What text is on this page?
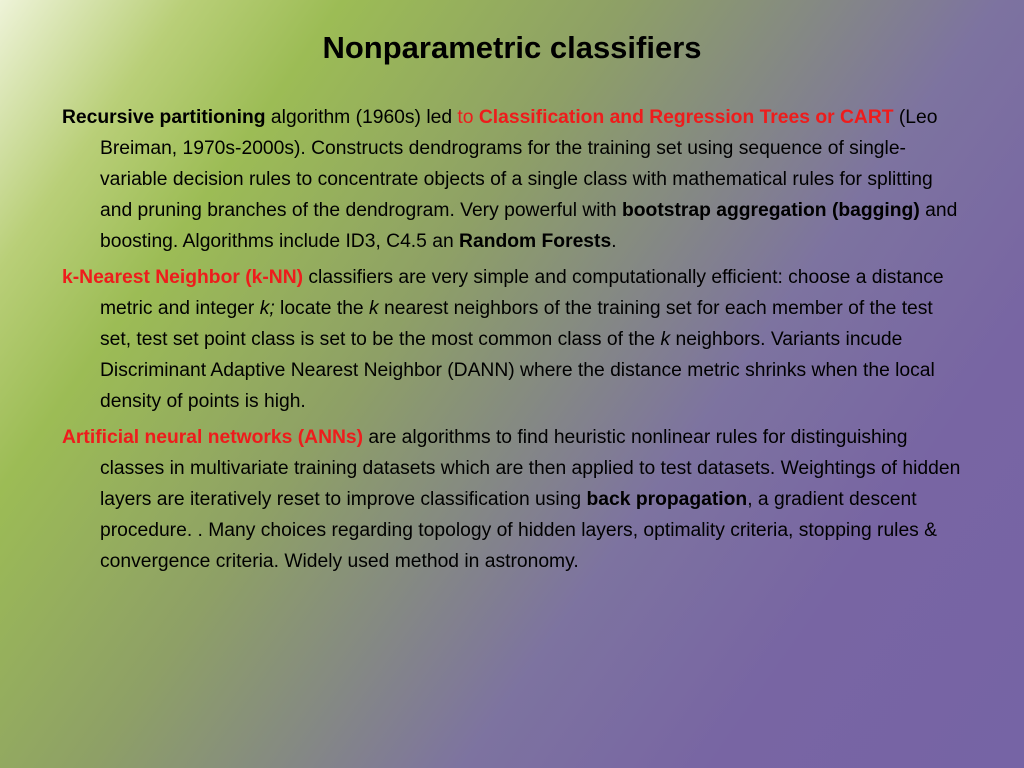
Nonparametric classifiers

Recursive partitioning algorithm (1960s) led to Classification and Regression Trees or CART (Leo Breiman, 1970s-2000s). Constructs dendrograms for the training set using sequence of single-variable decision rules to concentrate objects of a single class with mathematical rules for splitting and pruning branches of the dendrogram. Very powerful with bootstrap aggregation (bagging) and boosting. Algorithms include ID3, C4.5 an Random Forests.

k-Nearest Neighbor (k-NN) classifiers are very simple and computationally efficient: choose a distance metric and integer k; locate the k nearest neighbors of the training set for each member of the test set, test set point class is set to be the most common class of the k neighbors. Variants incude Discriminant Adaptive Nearest Neighbor (DANN) where the distance metric shrinks when the local density of points is high.

Artificial neural networks (ANNs) are algorithms to find heuristic nonlinear rules for distinguishing classes in multivariate training datasets which are then applied to test datasets. Weightings of hidden layers are iteratively reset to improve classification using back propagation, a gradient descent procedure. . Many choices regarding topology of hidden layers, optimality criteria, stopping rules & convergence criteria. Widely used method in astronomy.
